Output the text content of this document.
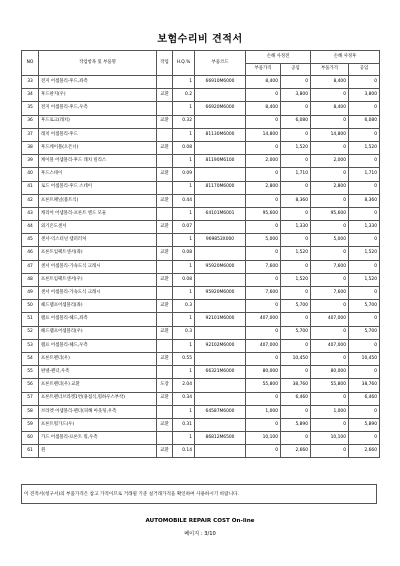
보험수리비 견적서
NO	작업항목 및 부품명	작업	H.Q.%	부품코드	손해 사정전		손해 사정후	
					부품가격	공임	부품가격	공임
33	전지 어셈블리-후드,좌측		1	66910M6000	8,400	0	8,400	0
34	후드판지(우)	교환	0.2		0	3,800	0	3,800
35	전지 어셈블리-후드,우측		1	66920M6000	8,400	0	8,400	0
36	후드로크(래치)	교환	0.32		0	6,080	0	6,080
37	래치 어셈블리-후드		1	81130M6000	14,800	0	14,800	0
38	후드케이블(오픈너)	교환	0.08		0	1,520	0	1,520
39	케이블 어셈블리-후드 래치 릴리스		1	81190M6100	2,000	0	2,000	0
40	후드스테이	교환	0.09		0	1,710	0	1,710
41	로드 어셈블리-후드 스테이		1	81170M6000	2,800	0	2,800	0
42	프론트패널(불트식)	교환	0.44		0	8,360	0	8,360
43	캐리어 어셈블리-프론트 엔드 모듈		1	64101M6001	95,600	0	95,600	0
44	외기온도센서	교환	0.07		0	1,330	0	1,330
45	센서-익스터널 템퍼러처		1	969853X000	5,000	0	5,000	0
46	프론트임팩트센서(좌)	교환	0.08		0	1,520	0	1,520
47	센서 어셈블리-가속도식 크래시		1	95920M6000	7,600	0	7,600	0
48	프론트임팩트센서(우)	교환	0.08		0	1,520	0	1,520
49	센서 어셈블리-가속도식 크래시		1	95920M6000	7,600	0	7,600	0
50	헤드램프어셈블리(좌)	교환	0.3		0	5,700	0	5,700
51	램프 어셈블리-헤드,좌측		1	92101M6000	407,000	0	407,000	0
52	헤드램프어셈블리(우)	교환	0.3		0	5,700	0	5,700
53	램프 어셈블리-헤드,우측		1	92102M6000	407,000	0	407,000	0
54	프론트펜더(우)	교환	0.55		0	10,450	0	10,450
55	판넬-펜더,우측		1	66321M6000	80,000	0	80,000	0
56	프론트펜더(우) 교환	도장	2.04		55,800	38,760	55,800	38,760
57	프론트펜더브라켓1번(용접식,휠하우스부착)	교환	0.34		0	6,460	0	6,460
58	브라켓 어셈블리-펜더(피해 아웃팅,우측		1	64587M6000	1,000	0	1,000	0
59	프론트휠가드(우)	교환	0.31		0	5,890	0	5,890
60	가드 어셈블리-프론트 휠,우측		1	86812M6500	10,100	0	10,100	0
61	휜	교환	0.14		0	2,660	0	2,660
이 견적서(청구서)의 부품가격은 참고 가격이므로 거래될 기준 실거래가격을 확인하여 사용하시기 바랍니다.
AUTOMOBILE REPAIR COST On-line
페이지 : 3/10
